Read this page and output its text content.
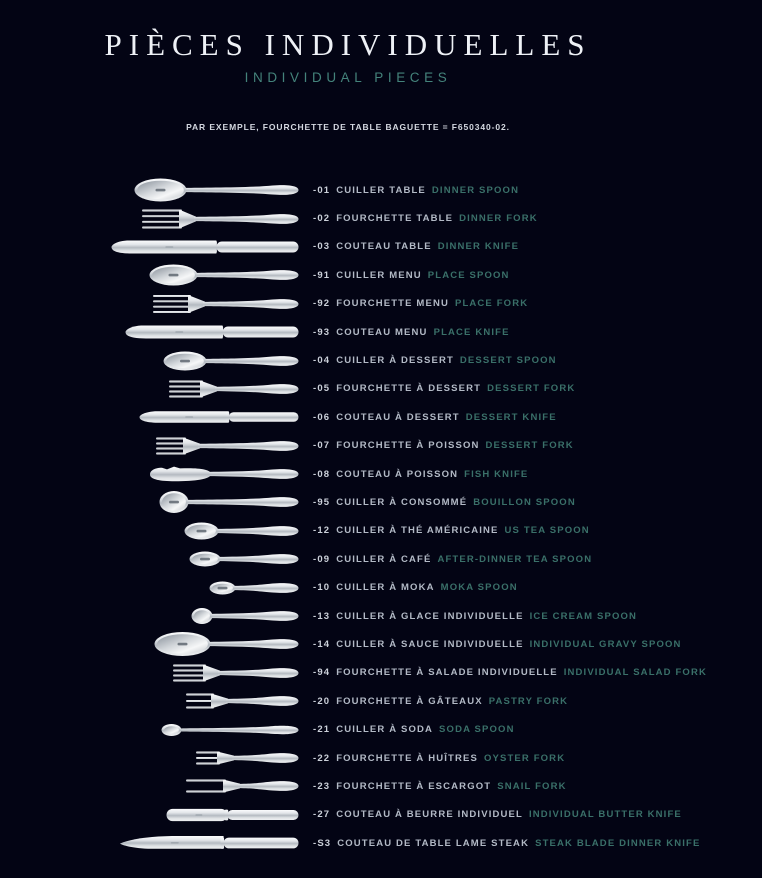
PIÈCES INDIVIDUELLES
INDIVIDUAL PIECES
PAR EXEMPLE, FOURCHETTE DE TABLE BAGUETTE = F650340-02.
-01 CUILLER TABLE DINNER SPOON
-02 FOURCHETTE TABLE DINNER FORK
-03 COUTEAU TABLE DINNER KNIFE
-91 CUILLER MENU PLACE SPOON
-92 FOURCHETTE MENU PLACE FORK
-93 COUTEAU MENU PLACE KNIFE
-04 CUILLER À DESSERT DESSERT SPOON
-05 FOURCHETTE À DESSERT DESSERT FORK
-06 COUTEAU À DESSERT DESSERT KNIFE
-07 FOURCHETTE À POISSON DESSERT FORK
-08 COUTEAU À POISSON FISH KNIFE
-95 CUILLER À CONSOMMÉ BOUILLON SPOON
-12 CUILLER À THÉ AMÉRICAINE US TEA SPOON
-09 CUILLER À CAFÉ AFTER-DINNER TEA SPOON
-10 CUILLER À MOKA MOKA SPOON
-13 CUILLER À GLACE INDIVIDUELLE ICE CREAM SPOON
-14 CUILLER À SAUCE INDIVIDUELLE INDIVIDUAL GRAVY SPOON
-94 FOURCHETTE À SALADE INDIVIDUELLE INDIVIDUAL SALAD FORK
-20 FOURCHETTE À GÂTEAUX PASTRY FORK
-21 CUILLER À SODA SODA SPOON
-22 FOURCHETTE À HUÎTRES OYSTER FORK
-23 FOURCHETTE À ESCARGOT SNAIL FORK
-27 COUTEAU À BEURRE INDIVIDUEL INDIVIDUAL BUTTER KNIFE
-S3 COUTEAU DE TABLE LAME STEAK STEAK BLADE DINNER KNIFE
